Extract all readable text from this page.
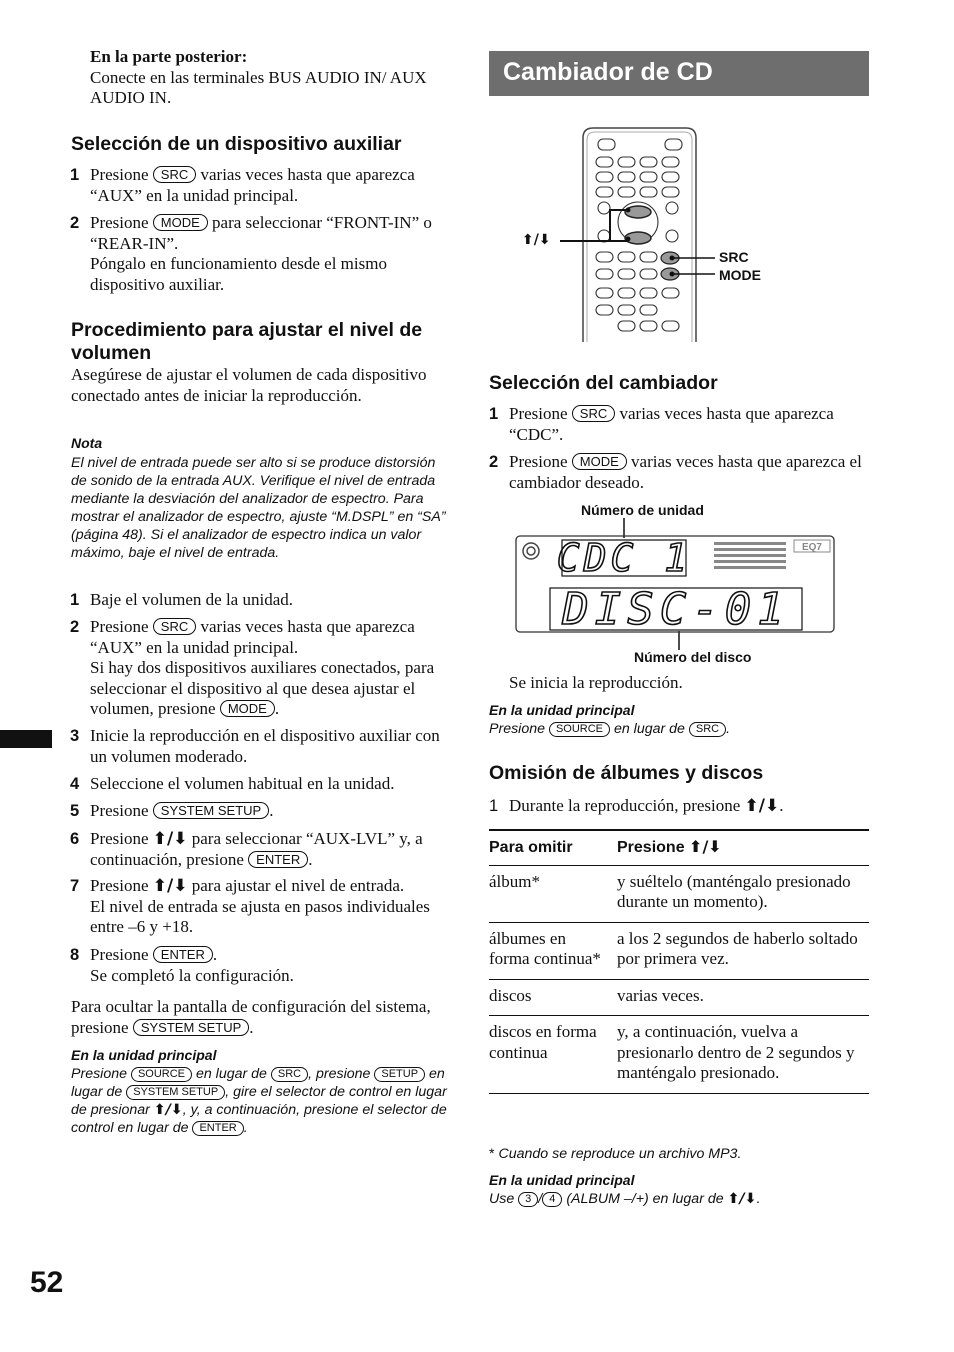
En la parte posterior:
Conecte en las terminales BUS AUDIO IN/ AUX AUDIO IN.
Selección de un dispositivo auxiliar
1 Presione SRC varias veces hasta que aparezca “AUX” en la unidad principal.
2 Presione MODE para seleccionar “FRONT-IN” o “REAR-IN”.
Póngalo en funcionamiento desde el mismo dispositivo auxiliar.
Procedimiento para ajustar el nivel de volumen
Asegúrese de ajustar el volumen de cada dispositivo conectado antes de iniciar la reproducción.
Nota
El nivel de entrada puede ser alto si se produce distorsión de sonido de la entrada AUX. Verifique el nivel de entrada mediante la desviación del analizador de espectro. Para mostrar el analizador de espectro, ajuste “M.DSPL” en “SA” (página 48). Si el analizador de espectro indica un valor máximo, baje el nivel de entrada.
1 Baje el volumen de la unidad.
2 Presione SRC varias veces hasta que aparezca “AUX” en la unidad principal.
Si hay dos dispositivos auxiliares conectados, para seleccionar el dispositivo al que desea ajustar el volumen, presione MODE .
3 Inicie la reproducción en el dispositivo auxiliar con un volumen moderado.
4 Seleccione el volumen habitual en la unidad.
5 Presione SYSTEM SETUP .
6 Presione ⬆/⬇ para seleccionar “AUX-LVL” y, a continuación, presione ENTER .
7 Presione ⬆/⬇ para ajustar el nivel de entrada.
El nivel de entrada se ajusta en pasos individuales entre –6 y +18.
8 Presione ENTER .
Se completó la configuración.
Para ocultar la pantalla de configuración del sistema, presione SYSTEM SETUP .
En la unidad principal
Presione SOURCE en lugar de SRC , presione SETUP en lugar de SYSTEM SETUP , gire el selector de control en lugar de presionar ⬆/⬇, y, a continuación, presione el selector de control en lugar de ENTER .
52
Cambiador de CD
⬆/⬇
SRC
MODE
Selección del cambiador
1 Presione SRC varias veces hasta que aparezca “CDC”.
2 Presione MODE varias veces hasta que aparezca el cambiador deseado.
Número de unidad
Número del disco
EQ7
CDC 1
DISC-01
Se inicia la reproducción.
En la unidad principal
Presione SOURCE en lugar de SRC .
Omisión de álbumes y discos
1 Durante la reproducción, presione ⬆/⬇.
Para omitir	Presione ⬆/⬇
álbum*	y suéltelo (manténgalo presionado durante un momento).
álbumes en forma continua*	a los 2 segundos de haberlo soltado por primera vez.
discos	varias veces.
discos en forma continua	y, a continuación, vuelva a presionarlo dentro de 2 segundos y manténgalo presionado.
* Cuando se reproduce un archivo MP3.
En la unidad principal
Use 3 / 4 (ALBUM –/+) en lugar de ⬆/⬇.
